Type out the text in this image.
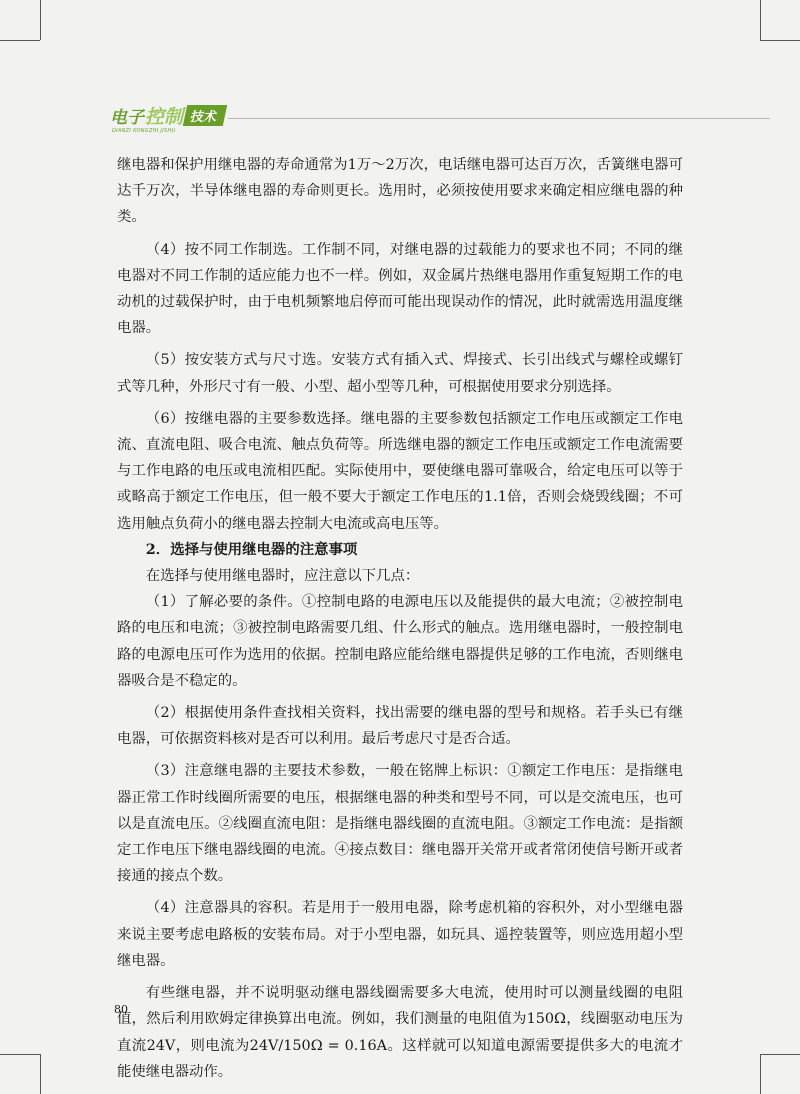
电子 控制 技术
DIANZI KONGZHI JISHU

继电器和保护用继电器的寿命通常为1万～2万次，电话继电器可达百万次，舌簧继电器可达千万次，半导体继电器的寿命则更长。选用时，必须按使用要求来确定相应继电器的种类。

（4）按不同工作制选。工作制不同，对继电器的过载能力的要求也不同；不同的继电器对不同工作制的适应能力也不一样。例如，双金属片热继电器用作重复短期工作的电动机的过载保护时，由于电机频繁地启停而可能出现误动作的情况，此时就需选用温度继电器。

（5）按安装方式与尺寸选。安装方式有插入式、焊接式、长引出线式与螺栓或螺钉式等几种，外形尺寸有一般、小型、超小型等几种，可根据使用要求分别选择。

（6）按继电器的主要参数选择。继电器的主要参数包括额定工作电压或额定工作电流、直流电阻、吸合电流、触点负荷等。所选继电器的额定工作电压或额定工作电流需要与工作电路的电压或电流相匹配。实际使用中，要使继电器可靠吸合，给定电压可以等于或略高于额定工作电压，但一般不要大于额定工作电压的1.1倍，否则会烧毁线圈；不可选用触点负荷小的继电器去控制大电流或高电压等。

2．选择与使用继电器的注意事项

在选择与使用继电器时，应注意以下几点：

（1）了解必要的条件。①控制电路的电源电压以及能提供的最大电流；②被控制电路的电压和电流；③被控制电路需要几组、什么形式的触点。选用继电器时，一般控制电路的电源电压可作为选用的依据。控制电路应能给继电器提供足够的工作电流，否则继电器吸合是不稳定的。

（2）根据使用条件查找相关资料，找出需要的继电器的型号和规格。若手头已有继电器，可依据资料核对是否可以利用。最后考虑尺寸是否合适。

（3）注意继电器的主要技术参数，一般在铭牌上标识：①额定工作电压：是指继电器正常工作时线圈所需要的电压，根据继电器的种类和型号不同，可以是交流电压，也可以是直流电压。②线圈直流电阻：是指继电器线圈的直流电阻。③额定工作电流：是指额定工作电压下继电器线圈的电流。④接点数目：继电器开关常开或者常闭使信号断开或者接通的接点个数。

（4）注意器具的容积。若是用于一般用电器，除考虑机箱的容积外，对小型继电器来说主要考虑电路板的安装布局。对于小型电器，如玩具、遥控装置等，则应选用超小型继电器。

有些继电器，并不说明驱动继电器线圈需要多大电流，使用时可以测量线圈的电阻值，然后利用欧姆定律换算出电流。例如，我们测量的电阻值为150Ω，线圈驱动电压为直流24V，则电流为24V/150Ω = 0.16A。这样就可以知道电源需要提供多大的电流才能使继电器动作。

80
